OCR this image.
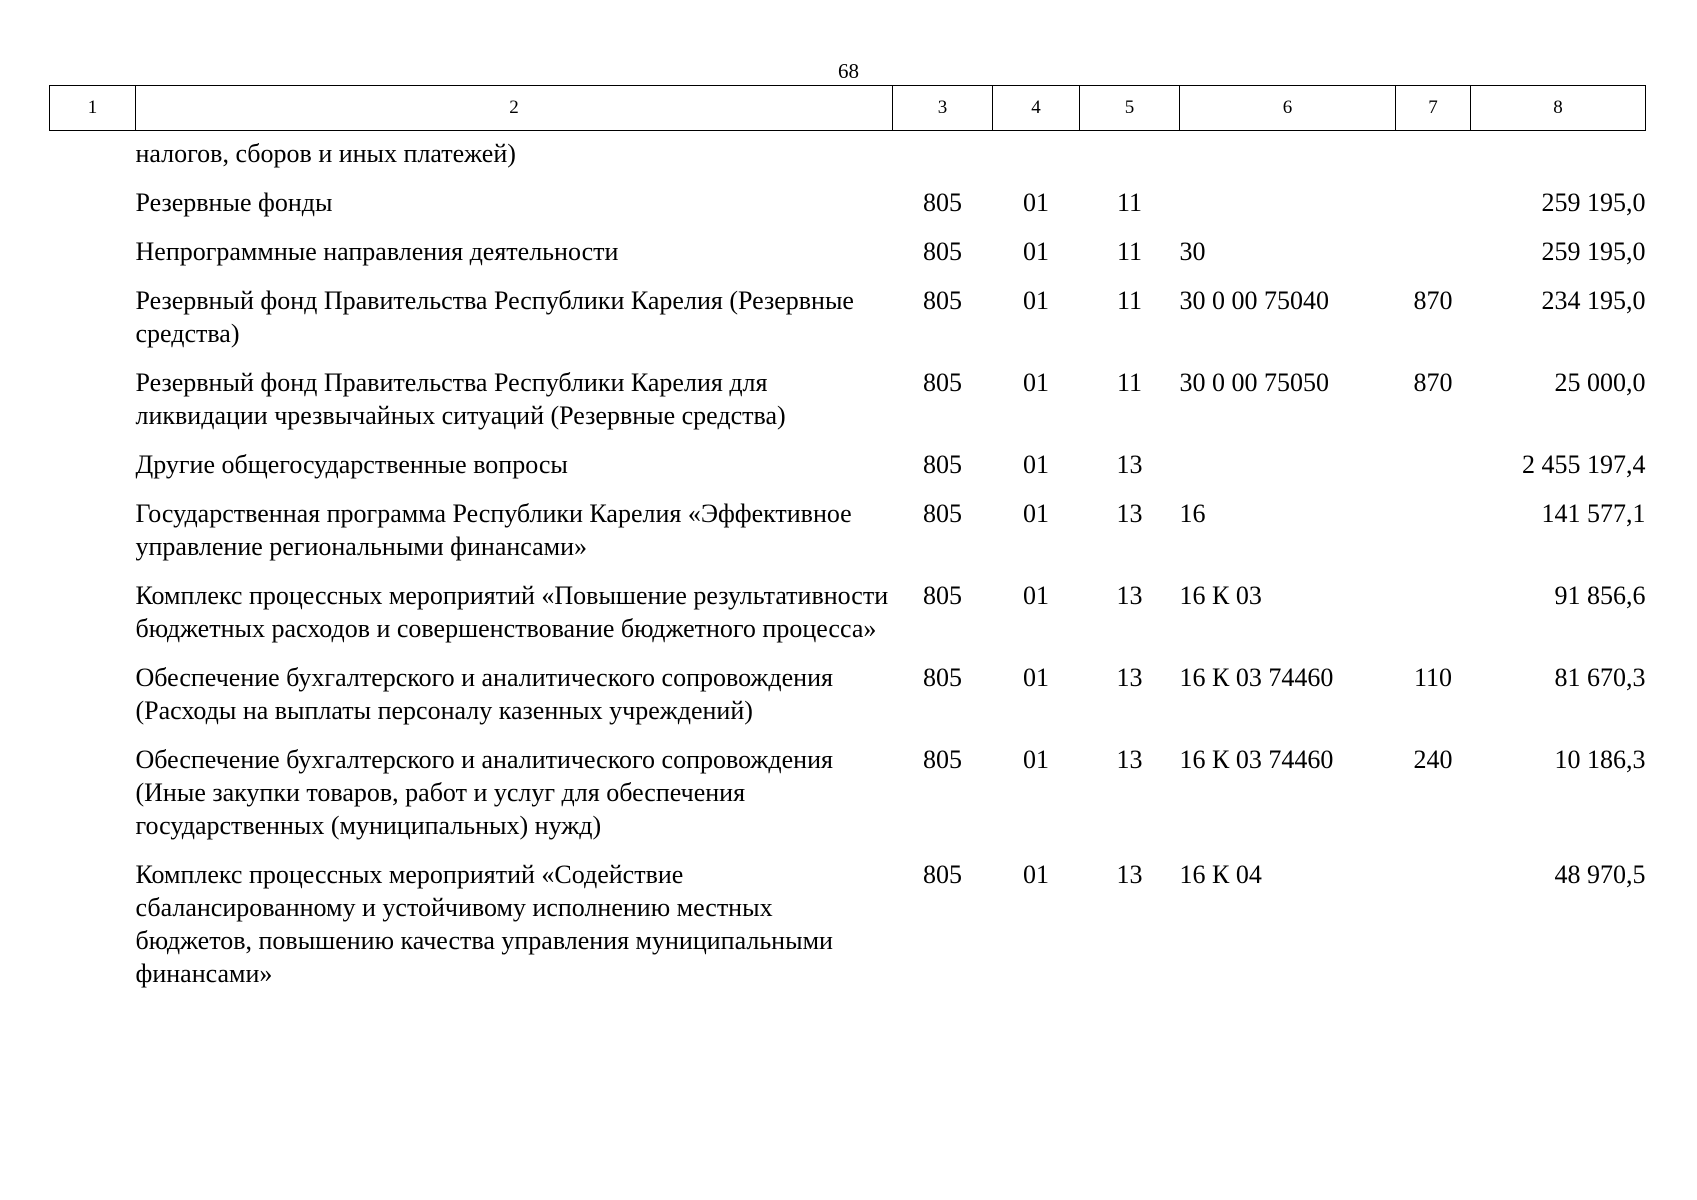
68
1	2	3	4	5	6	7	8
	налогов, сборов и иных платежей)						
	Резервные фонды	805	01	11			259 195,0
	Непрограммные направления деятельности	805	01	11	30		259 195,0
	Резервный фонд Правительства Республики Карелия (Резервные средства)	805	01	11	30 0 00 75040	870	234 195,0
	Резервный фонд Правительства Республики Карелия для ликвидации чрезвычайных ситуаций (Резервные средства)	805	01	11	30 0 00 75050	870	25 000,0
	Другие общегосударственные вопросы	805	01	13			2 455 197,4
	Государственная программа Республики Карелия «Эффективное управление региональными финансами»	805	01	13	16		141 577,1
	Комплекс процессных мероприятий «Повышение результативности бюджетных расходов и совершенствование бюджетного процесса»	805	01	13	16 К 03		91 856,6
	Обеспечение бухгалтерского и аналитического сопровождения (Расходы на выплаты персоналу казенных учреждений)	805	01	13	16 К 03 74460	110	81 670,3
	Обеспечение бухгалтерского и аналитического сопровождения (Иные закупки товаров, работ и услуг для обеспечения государственных (муниципальных) нужд)	805	01	13	16 К 03 74460	240	10 186,3
	Комплекс процессных мероприятий «Содействие сбалансированному и устойчивому исполнению местных бюджетов, повышению качества управления муниципальными финансами»	805	01	13	16 К 04		48 970,5
